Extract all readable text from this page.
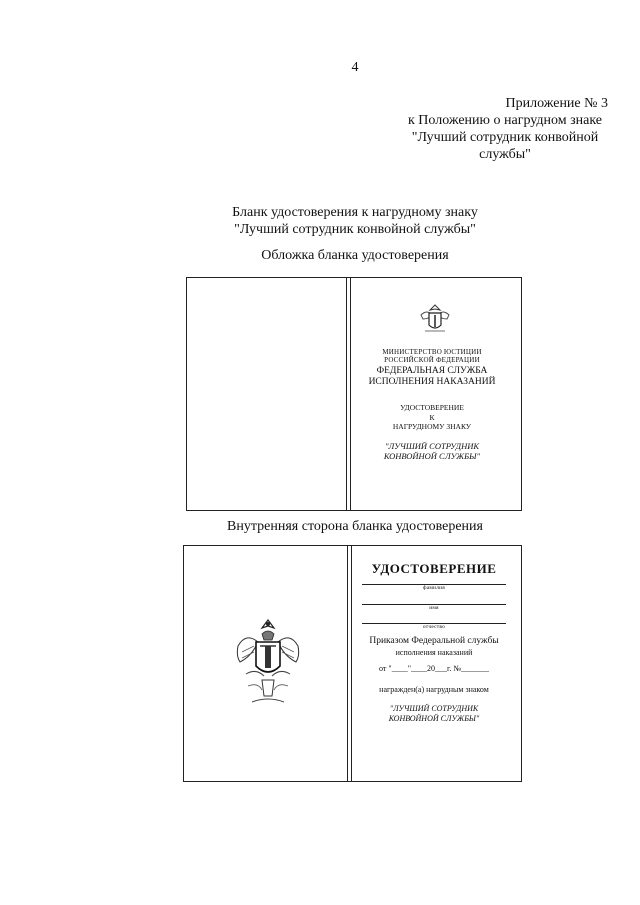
4
Приложение № 3
к Положению о нагрудном знаке
"Лучший сотрудник конвойной
службы"
Бланк удостоверения к нагрудному знаку
"Лучший сотрудник конвойной службы"
Обложка бланка удостоверения
МИНИСТЕРСТВО ЮСТИЦИИ
РОССИЙСКОЙ ФЕДЕРАЦИИ
ФЕДЕРАЛЬНАЯ СЛУЖБА
ИСПОЛНЕНИЯ НАКАЗАНИЙ
УДОСТОВЕРЕНИЕ
К
НАГРУДНОМУ ЗНАКУ
"ЛУЧШИЙ СОТРУДНИК
КОНВОЙНОЙ СЛУЖБЫ"
Внутренняя сторона бланка удостоверения
УДОСТОВЕРЕНИЕ
фамилия
имя
отчество
Приказом Федеральной службы
исполнения наказаний
от "____"____20___г. №_______
награжден(а) нагрудным знаком
"ЛУЧШИЙ СОТРУДНИК
КОНВОЙНОЙ СЛУЖБЫ"
